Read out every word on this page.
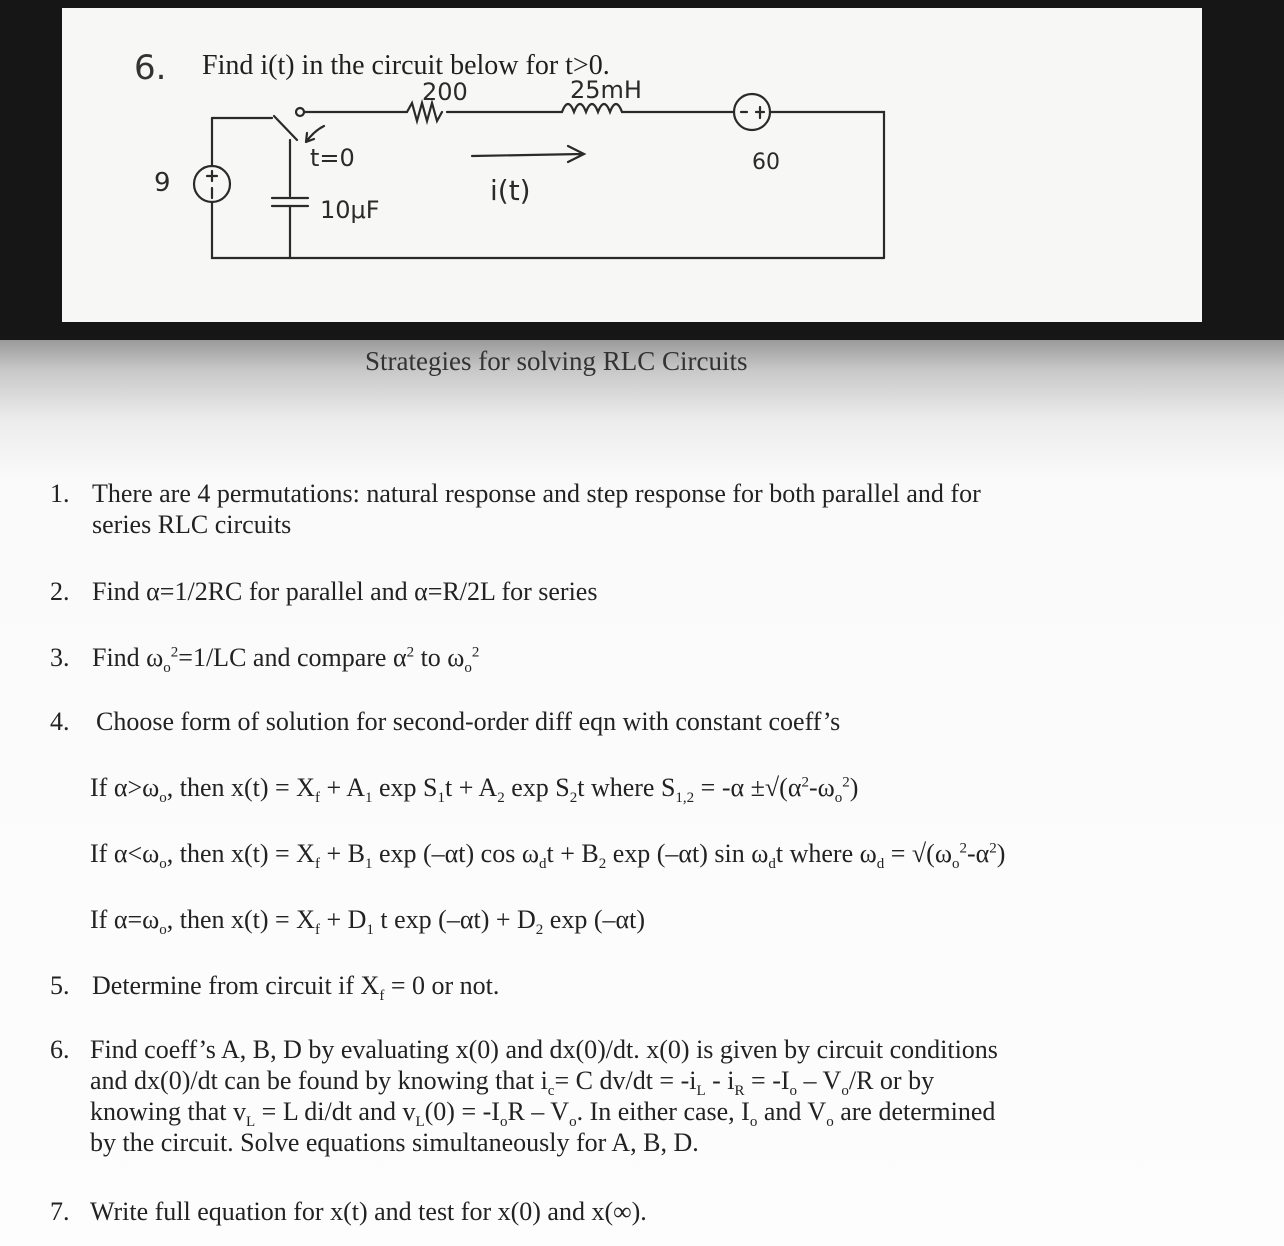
6. Find i(t) in the circuit below for t>0.
200	25mH
9
t=0
10μF
i(t)
60
Strategies for solving RLC Circuits
1. There are 4 permutations: natural response and step response for both parallel and for
series RLC circuits
2. Find α=1/2RC for parallel and α=R/2L for series
3. Find $\omega_o^2=1/LC$ and compare $\alpha^2$ to $\omega_o^2$
4. Choose form of solution for second-order diff eqn with constant coeff’s
If $\alpha>\omega_o$, then $x(t) = X_f + A_1$ $\exp S_1t + A_2$ $\exp S_2t$ where $S_{1,2} = -\alpha \pm√(\alpha^2-\omega_o^2)$
If $\alpha<\omega_o$, then $x(t) = X_f + B_1$ exp (–αt) $\cos \omega_dt + B_2$ exp (–αt) $\sin \omega_dt$ where $\omega_d = √(\omega_o^2-\alpha^2)$
If $\alpha=\omega_o$, then $x(t) = X_f + D_1$ t $\exp (-\alpha t) + D_2$ exp (–αt)
5. Determine from circuit if $X_f = 0$ or not.
6. Find coeff’s A, B, D by evaluating x(0) and dx(0)/dt. x(0) is given by circuit conditions
and dx(0)/dt can be found by knowing that $i_c= C$ $dv/dt = -i_L - i_R = -I_o - V_o/R$ or by
knowing that $v_L = L$ di/dt and $v_L(0) = -I_oR - V_o$. In either case, $I_o$ and $V_o$ are determined
by the circuit. Solve equations simultaneously for A, B, D.
7. Write full equation for x(t) and test for x(0) and x(∞).
